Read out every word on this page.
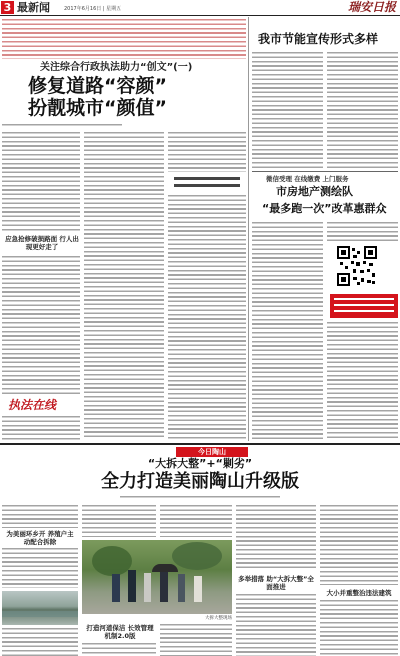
3 最新闻	2017年6月16日 | 星期五	瑞安日报
关注综合行政执法助力“创文”(一)
修复道路“容颜”
扮靓城市“颜值”
应急抢修破损路面 行人出现更好走了
执法在线
我市节能宣传形式多样
微信受理 在线缴费 上门服务
市房地产测绘队
“最多跑一次”改革惠群众
今日陶山
“大拆大整”+“剿劣”
全力打造美丽陶山升级版
为美丽环乡开 养殖户主动配合拆除
大拆大整现场
打造河道保洁 长效管理机制2.0版
多举措落 助“大拆大整”全面推进
大小并重整治违法建筑
